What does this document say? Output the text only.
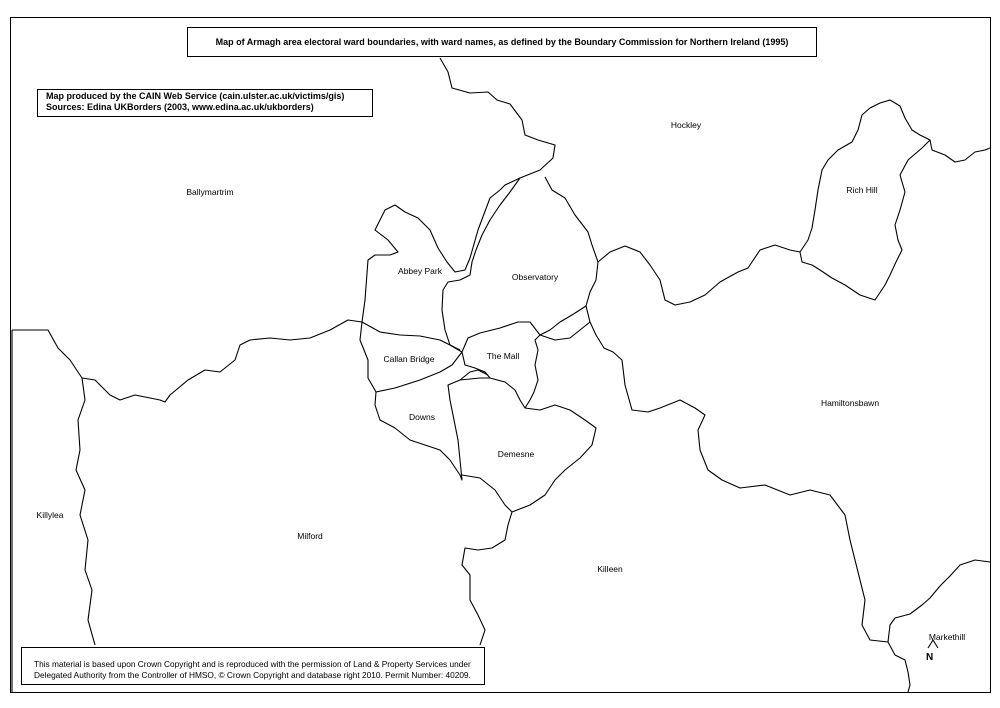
Map of Armagh area electoral ward boundaries, with ward names, as defined by the Boundary Commission for Northern Ireland (1995)
Map produced by the CAIN Web Service (cain.ulster.ac.uk/victims/gis)
Sources: Edina UKBorders (2003, www.edina.ac.uk/ukborders)
This material is based upon Crown Copyright and is reproduced with the permission of Land & Property Services under
Delegated Authority from the Controller of HMSO, © Crown Copyright and database right 2010. Permit Number: 40209.
Hockley
Ballymartrim	Rich Hill
Abbey Park
Observatory
Callan Bridge	The Mall
Downs
Hamiltonsbawn
Demesne
Killylea
Milford
Killeen
Markethill
N
